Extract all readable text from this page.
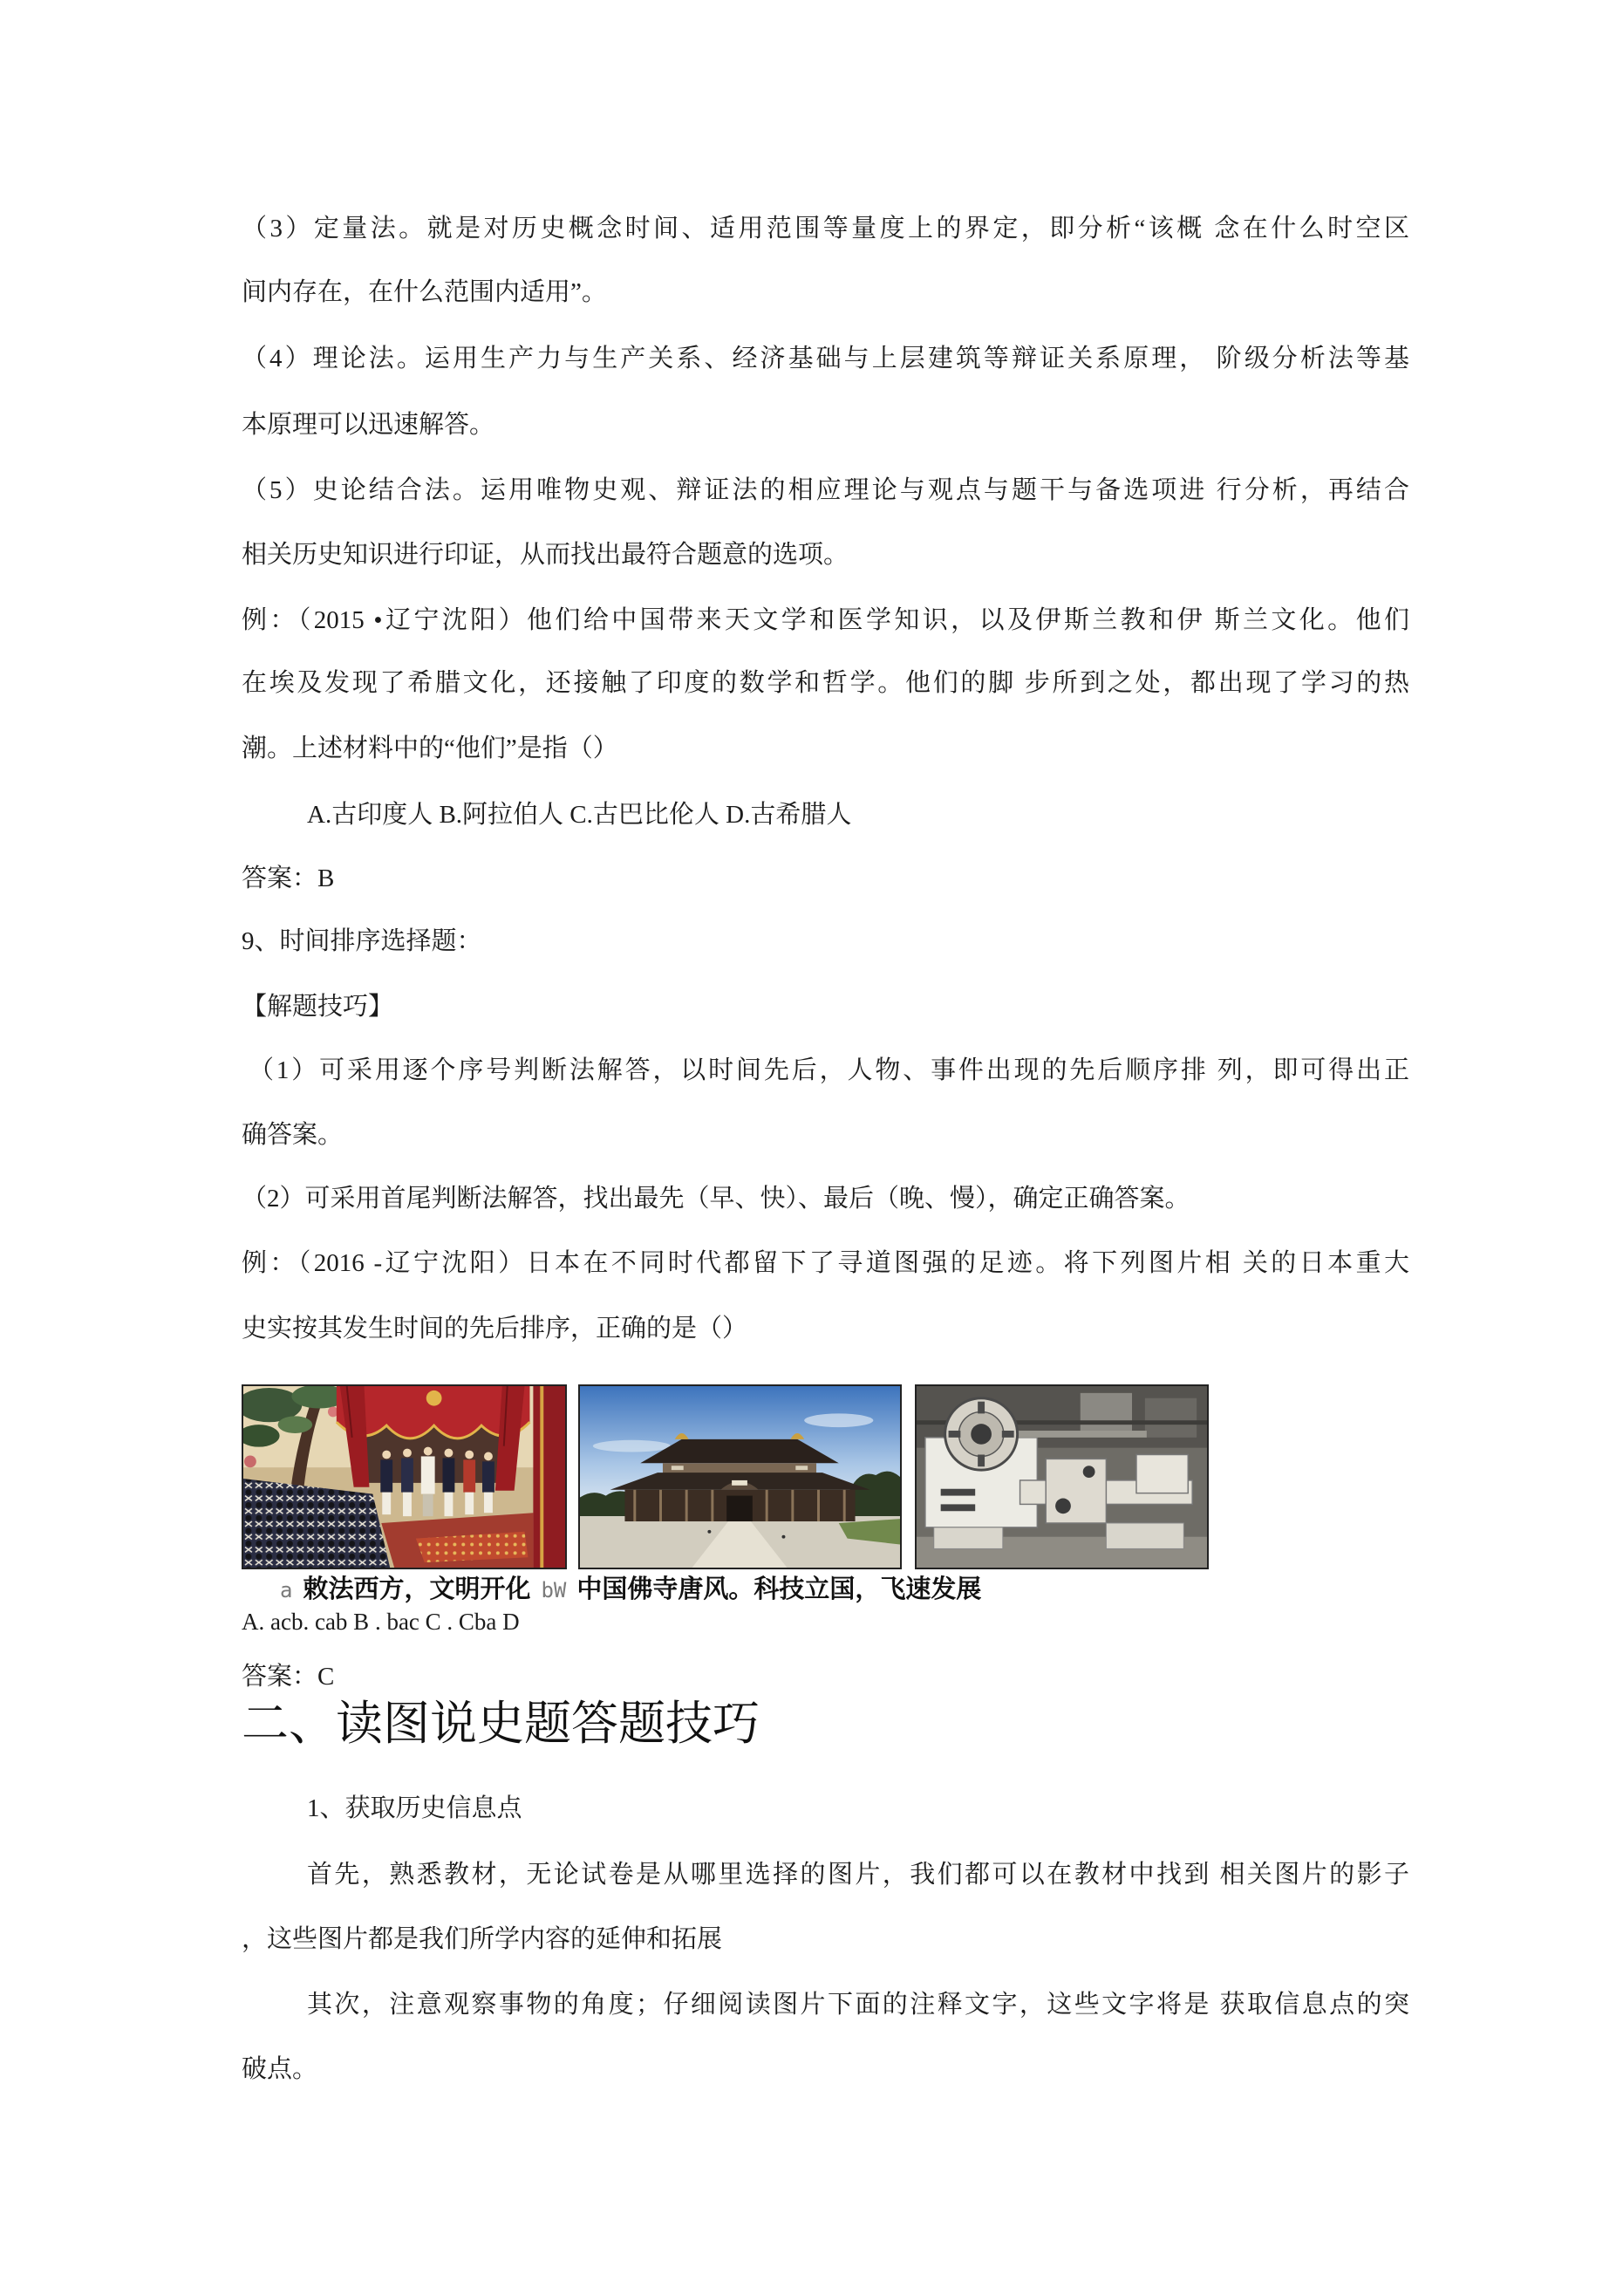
（3）定量法。就是对历史概念时间、适用范围等量度上的界定，即分析“该概 念在什么时空区
间内存在，在什么范围内适用”。
（4）理论法。运用生产力与生产关系、经济基础与上层建筑等辩证关系原理， 阶级分析法等基
本原理可以迅速解答。
（5）史论结合法。运用唯物史观、辩证法的相应理论与观点与题干与备选项进 行分析，再结合
相关历史知识进行印证，从而找出最符合题意的选项。
例：（2015 •辽宁沈阳）他们给中国带来天文学和医学知识，以及伊斯兰教和伊 斯兰文化。他们
在埃及发现了希腊文化，还接触了印度的数学和哲学。他们的脚 步所到之处，都出现了学习的热
潮。上述材料中的“他们”是指（）
A.古印度人 B.阿拉伯人 C.古巴比伦人 D.古希腊人
答案：B
9、时间排序选择题：
【解题技巧】
（1）可采用逐个序号判断法解答，以时间先后，人物、事件出现的先后顺序排 列，即可得出正
确答案。
（2）可采用首尾判断法解答，找出最先（早、快）、最后（晚、慢），确定正确答案。
例：（2016 -辽宁沈阳）日本在不同时代都留下了寻道图强的足迹。将下列图片相 关的日本重大
史实按其发生时间的先后排序，正确的是（）
a 敕法西方，文明开化 bW 中国佛寺唐风。科技立国，飞速发展
A. acb. cab B . bac C . Cba D
答案：C
二、读图说史题答题技巧
1、获取历史信息点
首先，熟悉教材，无论试卷是从哪里选择的图片，我们都可以在教材中找到 相关图片的影子
，这些图片都是我们所学内容的延伸和拓展
其次，注意观察事物的角度；仔细阅读图片下面的注释文字，这些文字将是 获取信息点的突
破点。
